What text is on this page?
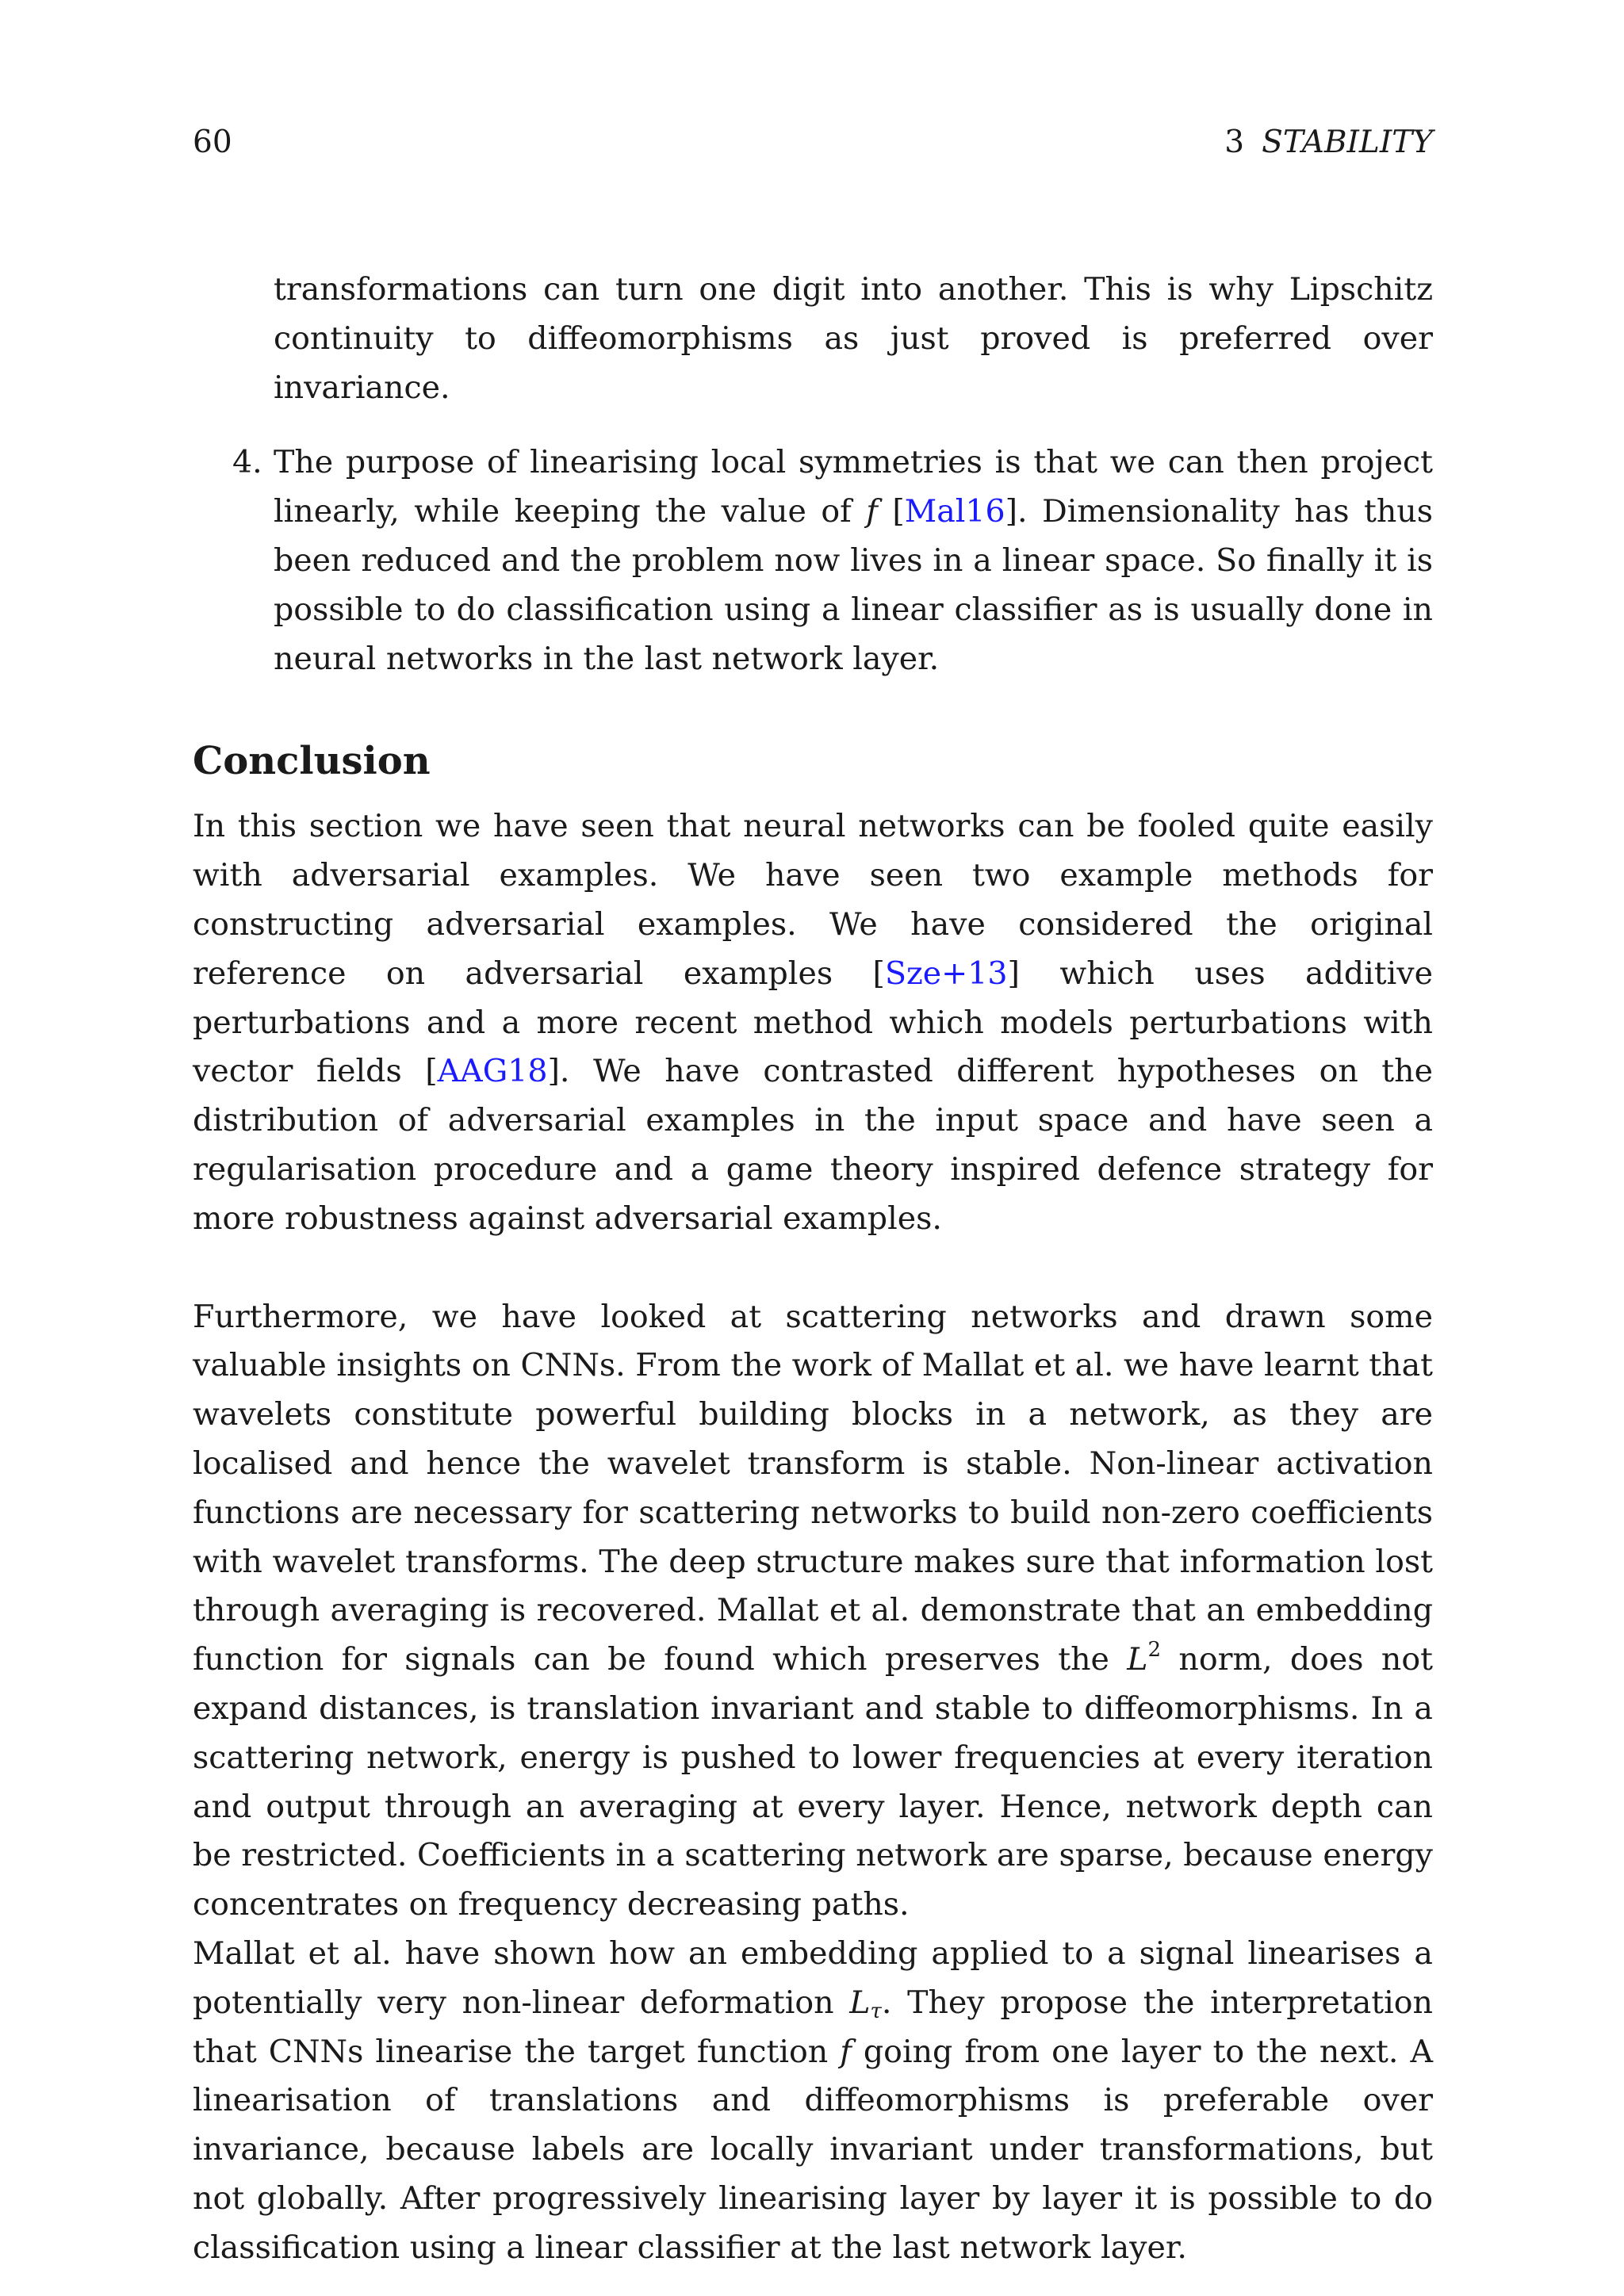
60	3 STABILITY

transformations can turn one digit into another. This is why Lipschitz continuity to diffeomorphisms as just proved is preferred over invariance.

4. The purpose of linearising local symmetries is that we can then project linearly, while keeping the value of f [Mal16]. Dimensionality has thus been reduced and the problem now lives in a linear space. So finally it is possible to do classification using a linear classifier as is usually done in neural networks in the last network layer.

Conclusion

In this section we have seen that neural networks can be fooled quite easily with adversarial examples. We have seen two example methods for constructing adversarial examples. We have considered the original reference on adversarial examples [Sze+13] which uses additive perturbations and a more recent method which models perturbations with vector fields [AAG18]. We have contrasted different hypotheses on the distribution of adversarial examples in the input space and have seen a regularisation procedure and a game theory inspired defence strategy for more robustness against adversarial examples.

Furthermore, we have looked at scattering networks and drawn some valuable insights on CNNs. From the work of Mallat et al. we have learnt that wavelets constitute powerful building blocks in a network, as they are localised and hence the wavelet transform is stable. Non-linear activation functions are necessary for scattering networks to build non-zero coefficients with wavelet transforms. The deep structure makes sure that information lost through averaging is recovered. Mallat et al. demonstrate that an embedding function for signals can be found which preserves the $L^2$ norm, does not expand distances, is translation invariant and stable to diffeomorphisms. In a scattering network, energy is pushed to lower frequencies at every iteration and output through an averaging at every layer. Hence, network depth can be restricted. Coefficients in a scattering network are sparse, because energy concentrates on frequency decreasing paths.

Mallat et al. have shown how an embedding applied to a signal linearises a potentially very non-linear deformation $L_\tau$. They propose the interpretation that CNNs linearise the target function f going from one layer to the next. A linearisation of translations and diffeomorphisms is preferable over invariance, because labels are locally invariant under transformations, but not globally. After progressively linearising layer by layer it is possible to do classification using a linear classifier at the last network layer.
